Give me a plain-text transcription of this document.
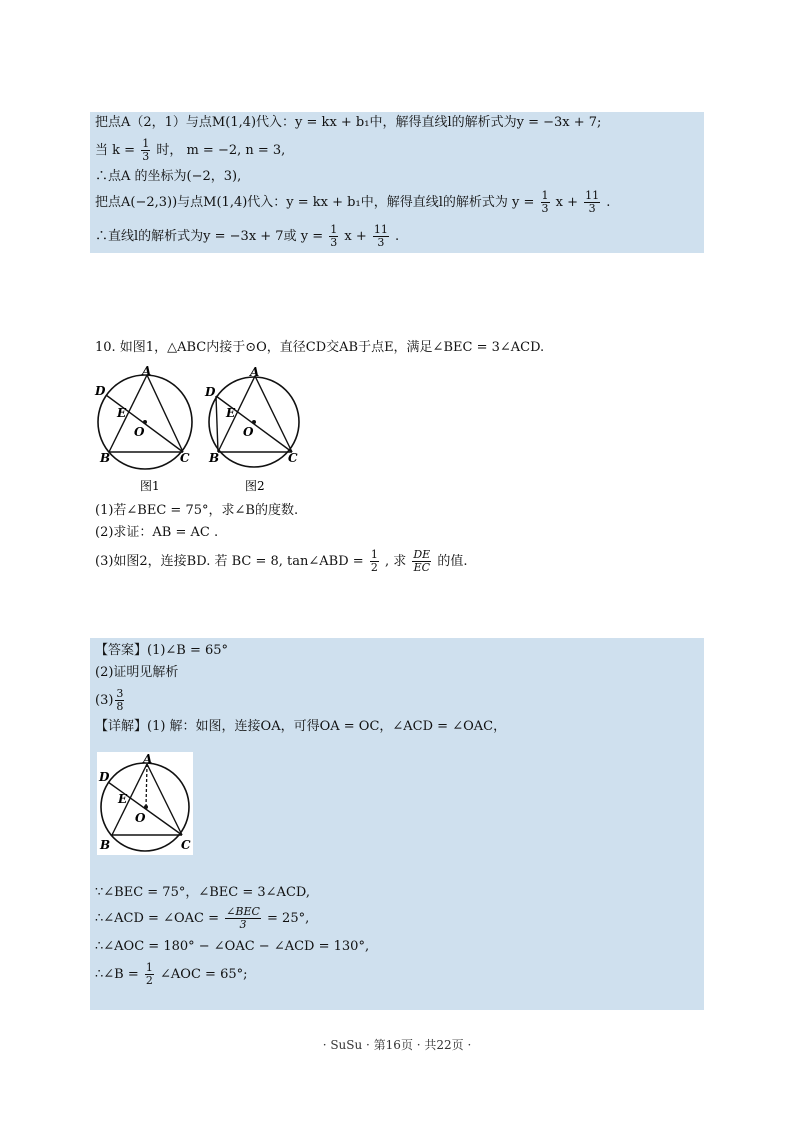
把点A（2，1）与点M(1,4)代入：y = kx + b₁中，解得直线l的解析式为y = −3x + 7;
当 $k = \frac{1}{3}$ 时， m = −2, n = 3,
∴点A 的坐标为(−2，3),
把点A(−2,3))与点M(1,4)代入：y = kx + b₁中，解得直线l的解析式为 $y = \frac{1}{3}$ $x + \frac{11}{3}$ .
∴直线l的解析式为y = −3x + 7或 $y = \frac{1}{3}$ $x + \frac{11}{3}$ .
10. 如图1，△ABC内接于⊙O，直径CD交AB于点E，满足∠BEC = 3∠ACD.
A
D
E
O
B	C
图1
A
D
E
O
B	C
图2
(1)若∠BEC = 75°，求∠B的度数.
(2)求证：AB = AC .
(3)如图2，连接BD. 若 BC = 8, tan∠ABD = $\frac{1}{2}$ , 求 $\frac{DE}{EC}$ 的值.
【答案】(1)∠B = 65°
(2)证明见解析
$(3) \frac{3}{8}$
【详解】(1) 解：如图，连接OA，可得OA = OC，∠ACD = ∠OAC，
A
D
E
O
B	C
∵∠BEC = 75°，∠BEC = 3∠ACD,
∴∠ACD = ∠OAC = $\frac{\text{∠BEC}}{3} = 25^\circ$,
∴∠AOC = 180° − ∠OAC − ∠ACD = 130°,
∴∠B = $\frac{1}{2}$ ∠AOC = 65°;
· SuSu · 第16页 · 共22页 ·
